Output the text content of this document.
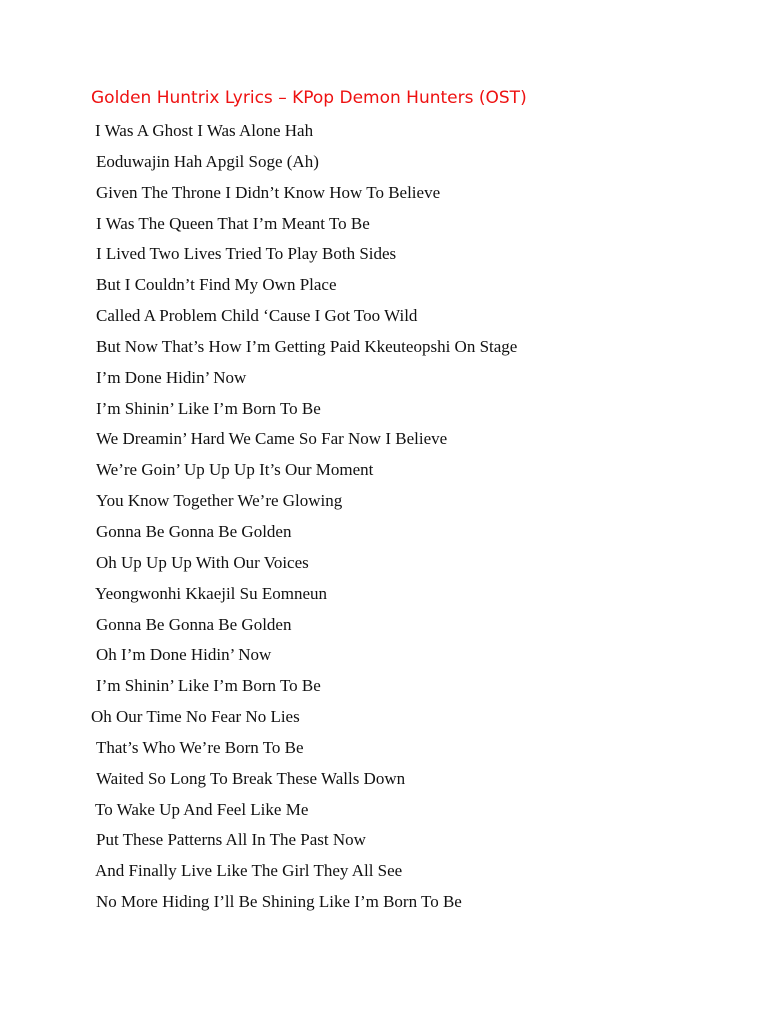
Golden Huntrix Lyrics – KPop Demon Hunters (OST)
I Was A Ghost I Was Alone Hah
Eoduwajin Hah Apgil Soge (Ah)
Given The Throne I Didn’t Know How To Believe
I Was The Queen That I’m Meant To Be
I Lived Two Lives Tried To Play Both Sides
But I Couldn’t Find My Own Place
Called A Problem Child ‘Cause I Got Too Wild
But Now That’s How I’m Getting Paid Kkeuteopshi On Stage
I’m Done Hidin’ Now
I’m Shinin’ Like I’m Born To Be
We Dreamin’ Hard We Came So Far Now I Believe
We’re Goin’ Up Up Up It’s Our Moment
You Know Together We’re Glowing
Gonna Be Gonna Be Golden
Oh Up Up Up With Our Voices
Yeongwonhi Kkaejil Su Eomneun
Gonna Be Gonna Be Golden
Oh I’m Done Hidin’ Now
I’m Shinin’ Like I’m Born To Be
Oh Our Time No Fear No Lies
That’s Who We’re Born To Be
Waited So Long To Break These Walls Down
To Wake Up And Feel Like Me
Put These Patterns All In The Past Now
And Finally Live Like The Girl They All See
No More Hiding I’ll Be Shining Like I’m Born To Be
